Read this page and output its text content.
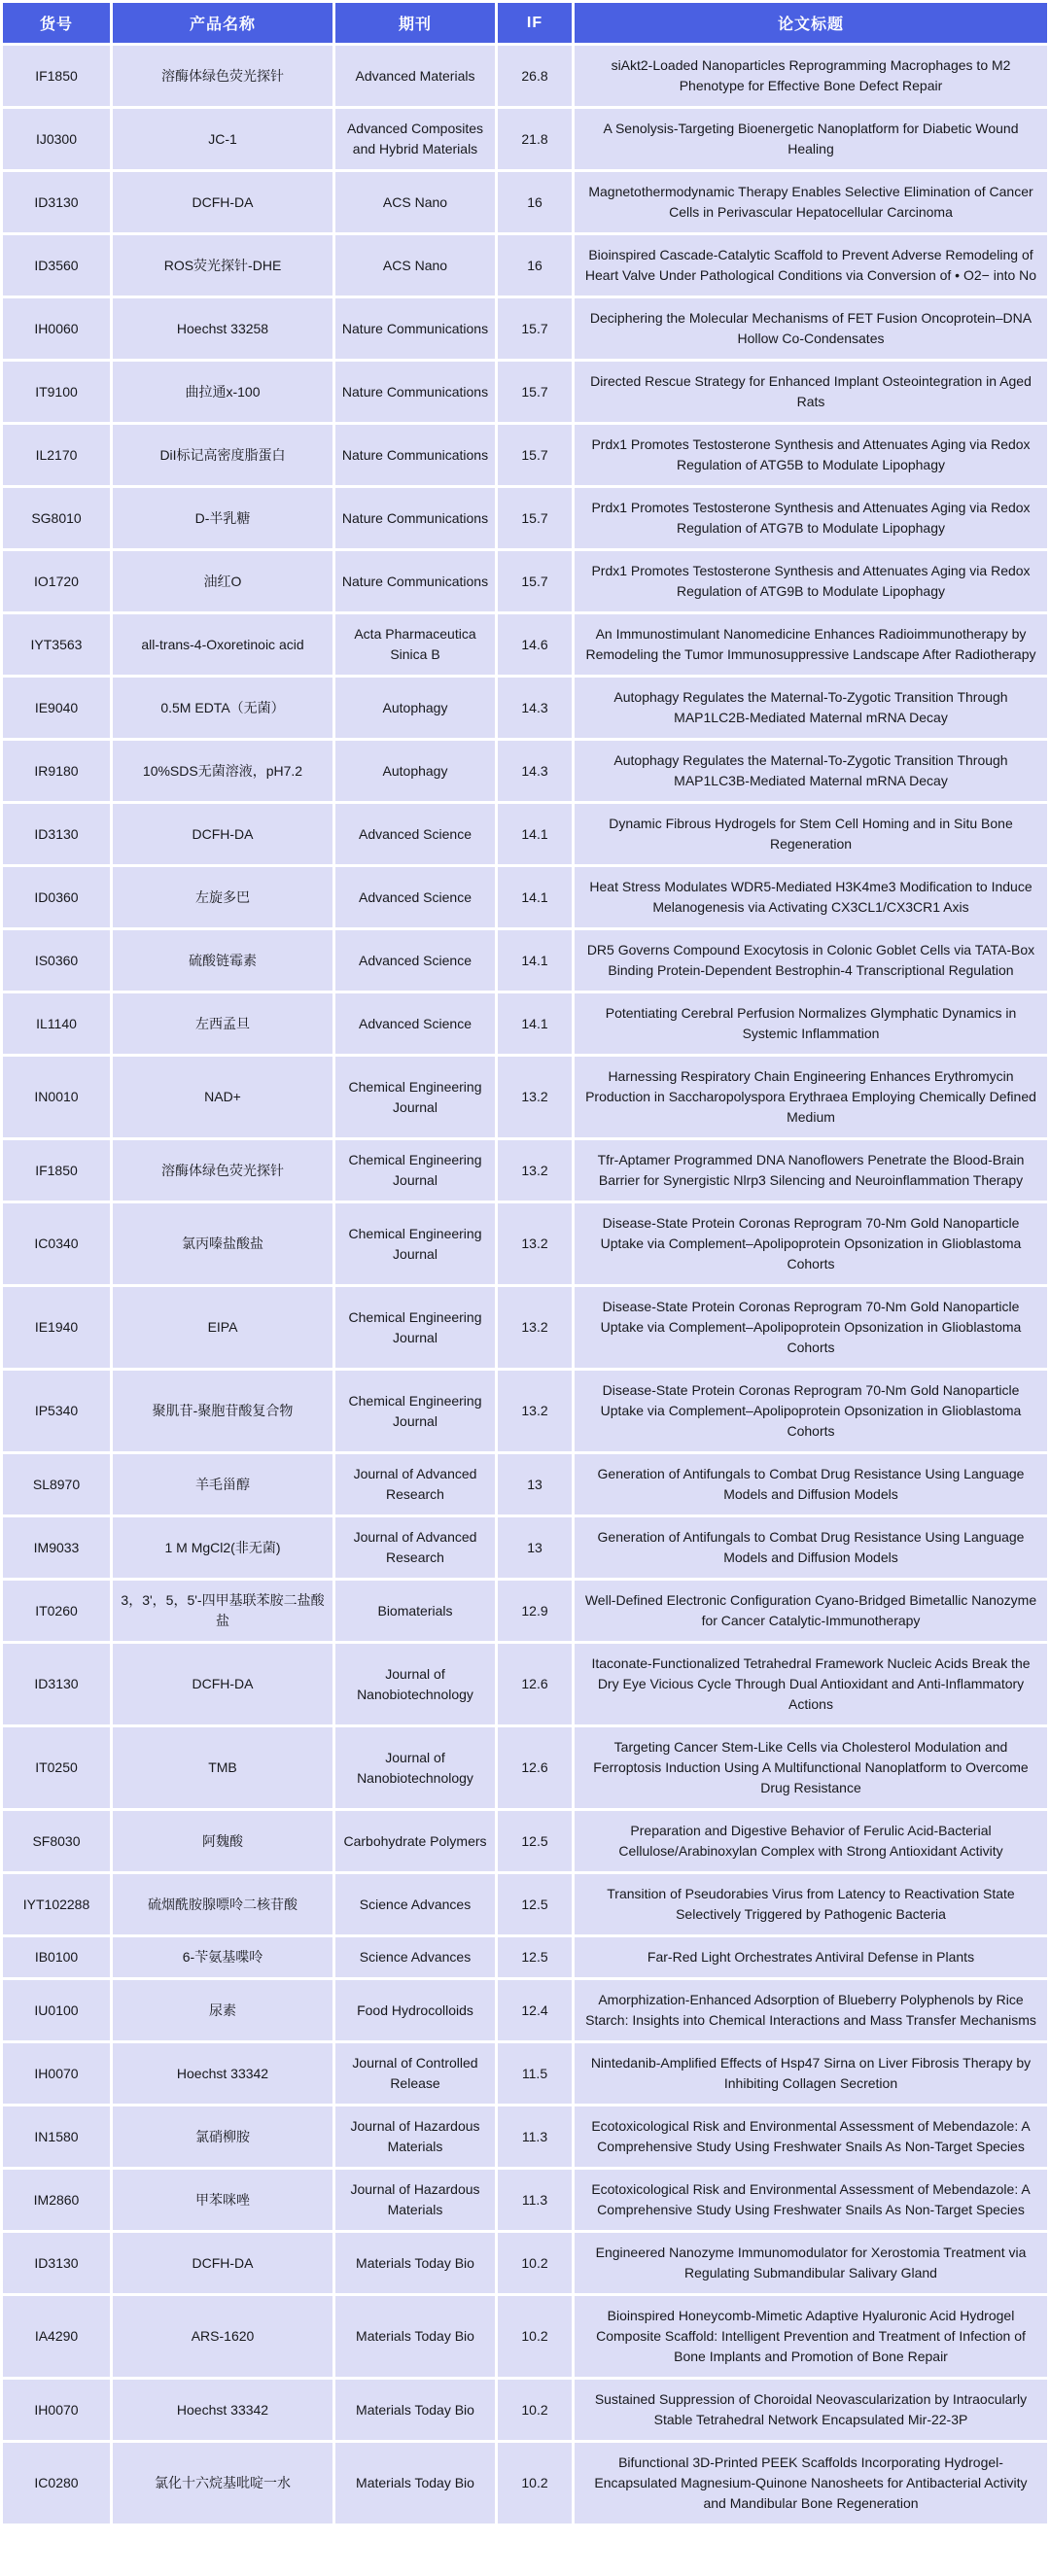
货号	产品名称	期刊	IF	论文标题
IF1850	溶酶体绿色荧光探针	Advanced Materials	26.8	siAkt2-Loaded Nanoparticles Reprogramming Macrophages to M2 Phenotype for Effective Bone Defect Repair
IJ0300	JC-1	Advanced Composites and Hybrid Materials	21.8	A Senolysis-Targeting Bioenergetic Nanoplatform for Diabetic Wound Healing
ID3130	DCFH-DA	ACS Nano	16	Magnetothermodynamic Therapy Enables Selective Elimination of Cancer Cells in Perivascular Hepatocellular Carcinoma
ID3560	ROS荧光探针-DHE	ACS Nano	16	Bioinspired Cascade-Catalytic Scaffold to Prevent Adverse Remodeling of Heart Valve Under Pathological Conditions via Conversion of • O2− into No
IH0060	Hoechst 33258	Nature Communications	15.7	Deciphering the Molecular Mechanisms of FET Fusion Oncoprotein–DNA Hollow Co-Condensates
IT9100	曲拉通x-100	Nature Communications	15.7	Directed Rescue Strategy for Enhanced Implant Osteointegration in Aged Rats
IL2170	DiI标记高密度脂蛋白	Nature Communications	15.7	Prdx1 Promotes Testosterone Synthesis and Attenuates Aging via Redox Regulation of ATG5B to Modulate Lipophagy
SG8010	D-半乳糖	Nature Communications	15.7	Prdx1 Promotes Testosterone Synthesis and Attenuates Aging via Redox Regulation of ATG7B to Modulate Lipophagy
IO1720	油红O	Nature Communications	15.7	Prdx1 Promotes Testosterone Synthesis and Attenuates Aging via Redox Regulation of ATG9B to Modulate Lipophagy
IYT3563	all-trans-4-Oxoretinoic acid	Acta Pharmaceutica Sinica B	14.6	An Immunostimulant Nanomedicine Enhances Radioimmunotherapy by Remodeling the Tumor Immunosuppressive Landscape After Radiotherapy
IE9040	0.5M EDTA（无菌）	Autophagy	14.3	Autophagy Regulates the Maternal-To-Zygotic Transition Through MAP1LC2B-Mediated Maternal mRNA Decay
IR9180	10%SDS无菌溶液，pH7.2	Autophagy	14.3	Autophagy Regulates the Maternal-To-Zygotic Transition Through MAP1LC3B-Mediated Maternal mRNA Decay
ID3130	DCFH-DA	Advanced Science	14.1	Dynamic Fibrous Hydrogels for Stem Cell Homing and in Situ Bone Regeneration
ID0360	左旋多巴	Advanced Science	14.1	Heat Stress Modulates WDR5-Mediated H3K4me3 Modification to Induce Melanogenesis via Activating CX3CL1/CX3CR1 Axis
IS0360	硫酸链霉素	Advanced Science	14.1	DR5 Governs Compound Exocytosis in Colonic Goblet Cells via TATA-Box Binding Protein-Dependent Bestrophin-4 Transcriptional Regulation
IL1140	左西孟旦	Advanced Science	14.1	Potentiating Cerebral Perfusion Normalizes Glymphatic Dynamics in Systemic Inflammation
IN0010	NAD+	Chemical Engineering Journal	13.2	Harnessing Respiratory Chain Engineering Enhances Erythromycin Production in Saccharopolyspora Erythraea Employing Chemically Defined Medium
IF1850	溶酶体绿色荧光探针	Chemical Engineering Journal	13.2	Tfr-Aptamer Programmed DNA Nanoflowers Penetrate the Blood-Brain Barrier for Synergistic Nlrp3 Silencing and Neuroinflammation Therapy
IC0340	氯丙嗪盐酸盐	Chemical Engineering Journal	13.2	Disease-State Protein Coronas Reprogram 70-Nm Gold Nanoparticle Uptake via Complement–Apolipoprotein Opsonization in Glioblastoma Cohorts
IE1940	EIPA	Chemical Engineering Journal	13.2	Disease-State Protein Coronas Reprogram 70-Nm Gold Nanoparticle Uptake via Complement–Apolipoprotein Opsonization in Glioblastoma Cohorts
IP5340	聚肌苷-聚胞苷酸复合物	Chemical Engineering Journal	13.2	Disease-State Protein Coronas Reprogram 70-Nm Gold Nanoparticle Uptake via Complement–Apolipoprotein Opsonization in Glioblastoma Cohorts
SL8970	羊毛甾醇	Journal of Advanced Research	13	Generation of Antifungals to Combat Drug Resistance Using Language Models and Diffusion Models
IM9033	1 M MgCl2(非无菌)	Journal of Advanced Research	13	Generation of Antifungals to Combat Drug Resistance Using Language Models and Diffusion Models
IT0260	3，3'，5，5'-四甲基联苯胺二盐酸盐	Biomaterials	12.9	Well-Defined Electronic Configuration Cyano-Bridged Bimetallic Nanozyme for Cancer Catalytic-Immunotherapy
ID3130	DCFH-DA	Journal of Nanobiotechnology	12.6	Itaconate-Functionalized Tetrahedral Framework Nucleic Acids Break the Dry Eye Vicious Cycle Through Dual Antioxidant and Anti-Inflammatory Actions
IT0250	TMB	Journal of Nanobiotechnology	12.6	Targeting Cancer Stem-Like Cells via Cholesterol Modulation and Ferroptosis Induction Using A Multifunctional Nanoplatform to Overcome Drug Resistance
SF8030	阿魏酸	Carbohydrate Polymers	12.5	Preparation and Digestive Behavior of Ferulic Acid-Bacterial Cellulose/Arabinoxylan Complex with Strong Antioxidant Activity
IYT102288	硫烟酰胺腺嘌呤二核苷酸	Science Advances	12.5	Transition of Pseudorabies Virus from Latency to Reactivation State Selectively Triggered by Pathogenic Bacteria
IB0100	6-苄氨基喋呤	Science Advances	12.5	Far-Red Light Orchestrates Antiviral Defense in Plants
IU0100	尿素	Food Hydrocolloids	12.4	Amorphization-Enhanced Adsorption of Blueberry Polyphenols by Rice Starch: Insights into Chemical Interactions and Mass Transfer Mechanisms
IH0070	Hoechst 33342	Journal of Controlled Release	11.5	Nintedanib-Amplified Effects of Hsp47 Sirna on Liver Fibrosis Therapy by Inhibiting Collagen Secretion
IN1580	氯硝柳胺	Journal of Hazardous Materials	11.3	Ecotoxicological Risk and Environmental Assessment of Mebendazole: A Comprehensive Study Using Freshwater Snails As Non-Target Species
IM2860	甲苯咪唑	Journal of Hazardous Materials	11.3	Ecotoxicological Risk and Environmental Assessment of Mebendazole: A Comprehensive Study Using Freshwater Snails As Non-Target Species
ID3130	DCFH-DA	Materials Today Bio	10.2	Engineered Nanozyme Immunomodulator for Xerostomia Treatment via Regulating Submandibular Salivary Gland
IA4290	ARS-1620	Materials Today Bio	10.2	Bioinspired Honeycomb-Mimetic Adaptive Hyaluronic Acid Hydrogel Composite Scaffold: Intelligent Prevention and Treatment of Infection of Bone Implants and Promotion of Bone Repair
IH0070	Hoechst 33342	Materials Today Bio	10.2	Sustained Suppression of Choroidal Neovascularization by Intraocularly Stable Tetrahedral Network Encapsulated Mir-22-3P
IC0280	氯化十六烷基吡啶一水	Materials Today Bio	10.2	Bifunctional 3D-Printed PEEK Scaffolds Incorporating Hydrogel-Encapsulated Magnesium-Quinone Nanosheets for Antibacterial Activity and Mandibular Bone Regeneration
